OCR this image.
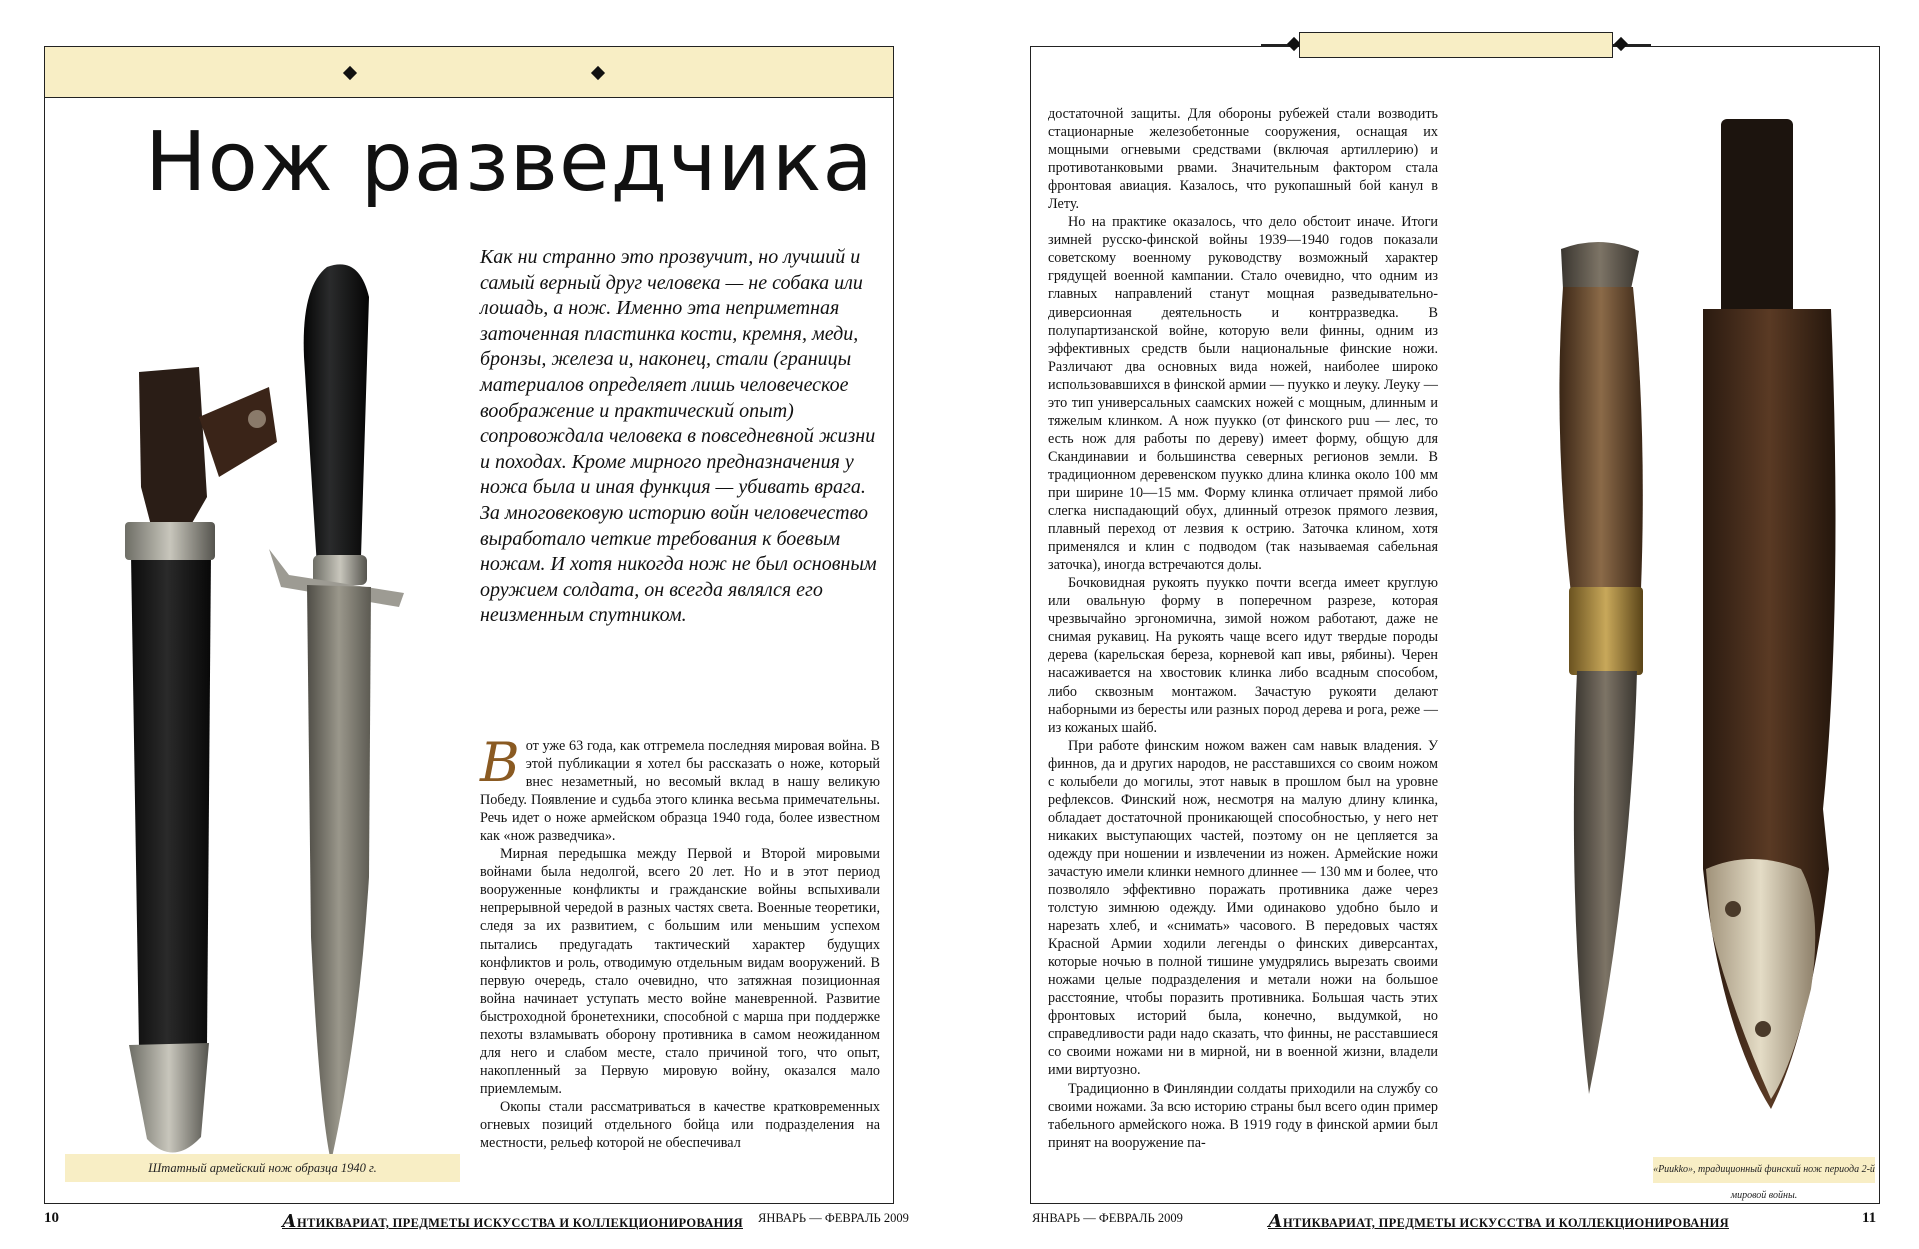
Нож разведчика

Как ни странно это прозвучит, но лучший и самый верный друг человека — не собака или лошадь, а нож. Именно эта неприметная заточенная пластинка кости, кремня, меди, бронзы, железа и, наконец, стали (границы материалов определяет лишь человеческое воображение и практический опыт) сопровождала человека в повседневной жизни и походах. Кроме мирного предназначения у ножа была и иная функция — убивать врага. За многовековую историю войн человечество выработало четкие требования к боевым ножам. И хотя никогда нож не был основным оружием солдата, он всегда являлся его неизменным спутником.

Вот уже 63 года, как отгремела последняя мировая война. В этой публикации я хотел бы рассказать о ноже, который внес незаметный, но весомый вклад в нашу великую Победу. Появление и судьба этого клинка весьма примечательны. Речь идет о ноже армейском образца 1940 года, более известном как «нож разведчика».

Мирная передышка между Первой и Второй мировыми войнами была недолгой, всего 20 лет. Но и в этот период вооруженные конфликты и гражданские войны вспыхивали непрерывной чередой в разных частях света. Военные теоретики, следя за их развитием, с большим или меньшим успехом пытались предугадать тактический характер будущих конфликтов и роль, отводимую отдельным видам вооружений. В первую очередь, стало очевидно, что затяжная позиционная война начинает уступать место войне маневренной. Развитие быстроходной бронетехники, способной с марша при поддержке пехоты взламывать оборону противника в самом неожиданном для него и слабом месте, стало причиной того, что опыт, накопленный за Первую мировую войну, оказался мало приемлемым.

Окопы стали рассматриваться в качестве кратковременных огневых позиций отдельного бойца или подразделения на местности, рельеф которой не обеспечивал

Штатный армейский нож образца 1940 г.
10	АНТИКВАРИАТ, ПРЕДМЕТЫ ИСКУССТВА И КОЛЛЕКЦИОНИРОВАНИЯ ЯНВАРЬ — ФЕВРАЛЬ 2009

достаточной защиты. Для обороны рубежей стали возводить стационарные железобетонные сооружения, оснащая их мощными огневыми средствами (включая артиллерию) и противотанковыми рвами. Значительным фактором стала фронтовая авиация. Казалось, что рукопашный бой канул в Лету.

Но на практике оказалось, что дело обстоит иначе. Итоги зимней русско-финской войны 1939—1940 годов показали советскому военному руководству возможный характер грядущей военной кампании. Стало очевидно, что одним из главных направлений станут мощная разведывательно-диверсионная деятельность и контрразведка. В полупартизанской войне, которую вели финны, одним из эффективных средств были национальные финские ножи. Различают два основных вида ножей, наиболее широко использовавшихся в финской армии — пуукко и леуку. Леуку — это тип универсальных саамских ножей с мощным, длинным и тяжелым клинком. А нож пуукко (от финского puu — лес, то есть нож для работы по дереву) имеет форму, общую для Скандинавии и большинства северных регионов земли. В традиционном деревенском пуукко длина клинка около 100 мм при ширине 10—15 мм. Форму клинка отличает прямой либо слегка ниспадающий обух, длинный отрезок прямого лезвия, плавный переход от лезвия к острию. Заточка клином, хотя применялся и клин с подводом (так называемая сабельная заточка), иногда встречаются долы.

Бочковидная рукоять пуукко почти всегда имеет круглую или овальную форму в поперечном разрезе, которая чрезвычайно эргономична, зимой ножом работают, даже не снимая рукавиц. На рукоять чаще всего идут твердые породы дерева (карельская береза, корневой кап ивы, рябины). Черен насаживается на хвостовик клинка либо всадным способом, либо сквозным монтажом. Зачастую рукояти делают наборными из бересты или разных пород дерева и рога, реже — из кожаных шайб.

При работе финским ножом важен сам навык владения. У финнов, да и других народов, не расставшихся со своим ножом с колыбели до могилы, этот навык в прошлом был на уровне рефлексов. Финский нож, несмотря на малую длину клинка, обладает достаточной проникающей способностью, у него нет никаких выступающих частей, поэтому он не цепляется за одежду при ношении и извлечении из ножен. Армейские ножи зачастую имели клинки немного длиннее — 130 мм и более, что позволяло эффективно поражать противника даже через толстую зимнюю одежду. Ими одинаково удобно было и нарезать хлеб, и «снимать» часового. В передовых частях Красной Армии ходили легенды о финских диверсантах, которые ночью в полной тишине умудрялись вырезать своими ножами целые подразделения и метали ножи на большое расстояние, чтобы поразить противника. Большая часть этих фронтовых историй была, конечно, выдумкой, но справедливости ради надо сказать, что финны, не расставшиеся со своими ножами ни в мирной, ни в военной жизни, владели ими виртуозно.

Традиционно в Финляндии солдаты приходили на службу со своими ножами. За всю историю страны был всего один пример табельного армейского ножа. В 1919 году в финской армии был принят на вооружение па-

«Puukko», традиционный финский нож периода 2-й мировой войны.
ЯНВАРЬ — ФЕВРАЛЬ 2009	АНТИКВАРИАТ, ПРЕДМЕТЫ ИСКУССТВА И КОЛЛЕКЦИОНИРОВАНИЯ	11
